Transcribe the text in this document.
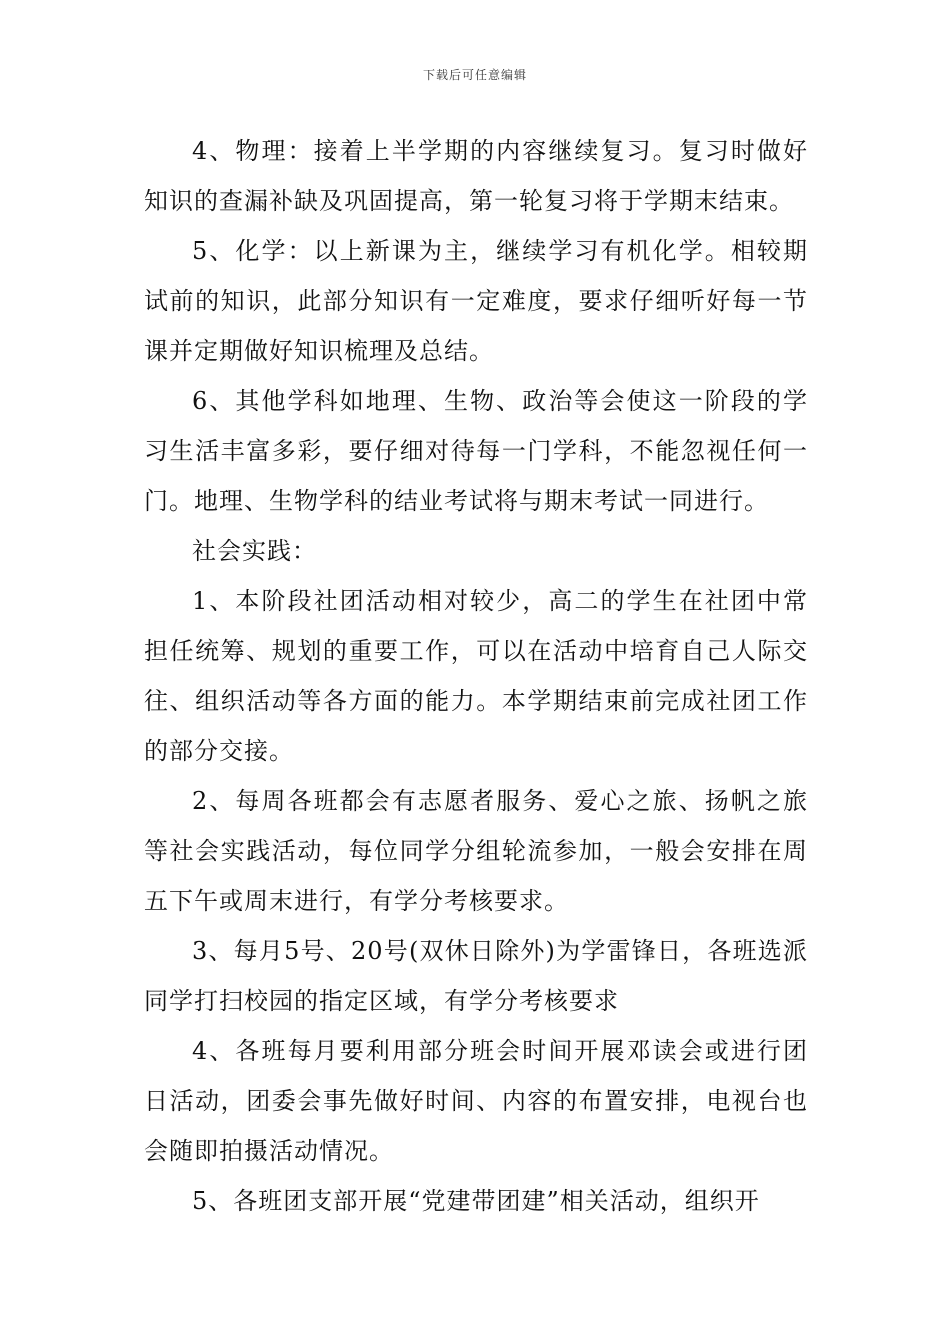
下载后可任意编辑

4、物理：接着上半学期的内容继续复习。复习时做好知识的查漏补缺及巩固提高，第一轮复习将于学期末结束。

5、化学：以上新课为主，继续学习有机化学。相较期试前的知识，此部分知识有一定难度，要求仔细听好每一节课并定期做好知识梳理及总结。

6、其他学科如地理、生物、政治等会使这一阶段的学习生活丰富多彩，要仔细对待每一门学科，不能忽视任何一门。地理、生物学科的结业考试将与期末考试一同进行。

社会实践：

1、本阶段社团活动相对较少，高二的学生在社团中常担任统筹、规划的重要工作，可以在活动中培育自己人际交往、组织活动等各方面的能力。本学期结束前完成社团工作的部分交接。

2、每周各班都会有志愿者服务、爱心之旅、扬帆之旅等社会实践活动，每位同学分组轮流参加，一般会安排在周五下午或周末进行，有学分考核要求。

3、每月5号、20号(双休日除外)为学雷锋日，各班选派同学打扫校园的指定区域，有学分考核要求

4、各班每月要利用部分班会时间开展邓读会或进行团日活动，团委会事先做好时间、内容的布置安排，电视台也会随即拍摄活动情况。

5、各班团支部开展“党建带团建”相关活动，组织开
